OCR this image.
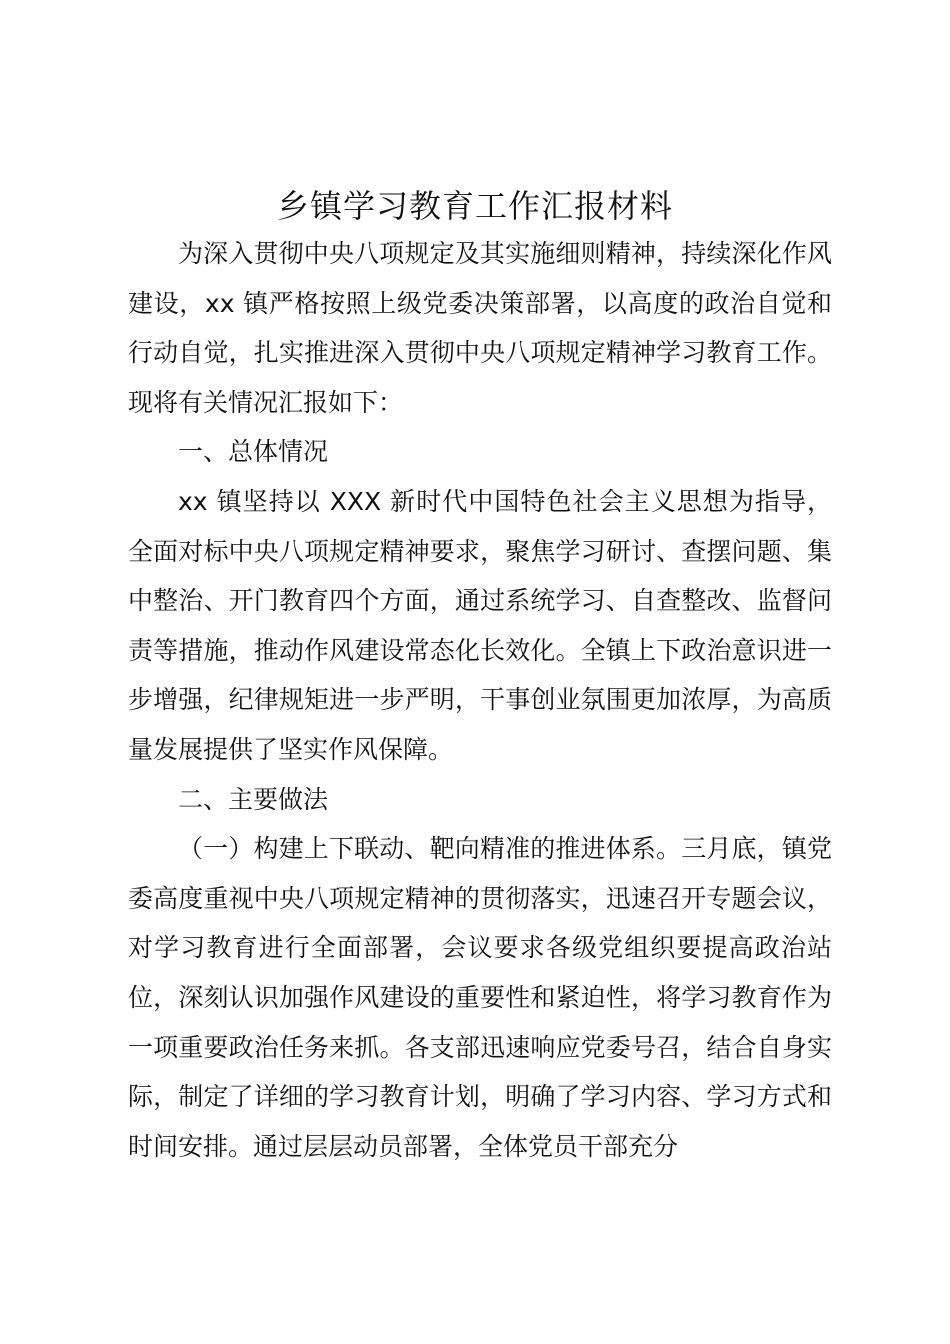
乡镇学习教育工作汇报材料

为深入贯彻中央八项规定及其实施细则精神，持续深化作风建设，xx 镇严格按照上级党委决策部署，以高度的政治自觉和行动自觉，扎实推进深入贯彻中央八项规定精神学习教育工作。现将有关情况汇报如下：

一、总体情况

xx 镇坚持以 XXX 新时代中国特色社会主义思想为指导，全面对标中央八项规定精神要求，聚焦学习研讨、查摆问题、集中整治、开门教育四个方面，通过系统学习、自查整改、监督问责等措施，推动作风建设常态化长效化。全镇上下政治意识进一步增强，纪律规矩进一步严明，干事创业氛围更加浓厚，为高质量发展提供了坚实作风保障。

二、主要做法

（一）构建上下联动、靶向精准的推进体系。三月底，镇党委高度重视中央八项规定精神的贯彻落实，迅速召开专题会议，对学习教育进行全面部署，会议要求各级党组织要提高政治站位，深刻认识加强作风建设的重要性和紧迫性，将学习教育作为一项重要政治任务来抓。各支部迅速响应党委号召，结合自身实际，制定了详细的学习教育计划，明确了学习内容、学习方式和时间安排。通过层层动员部署，全体党员干部充分
